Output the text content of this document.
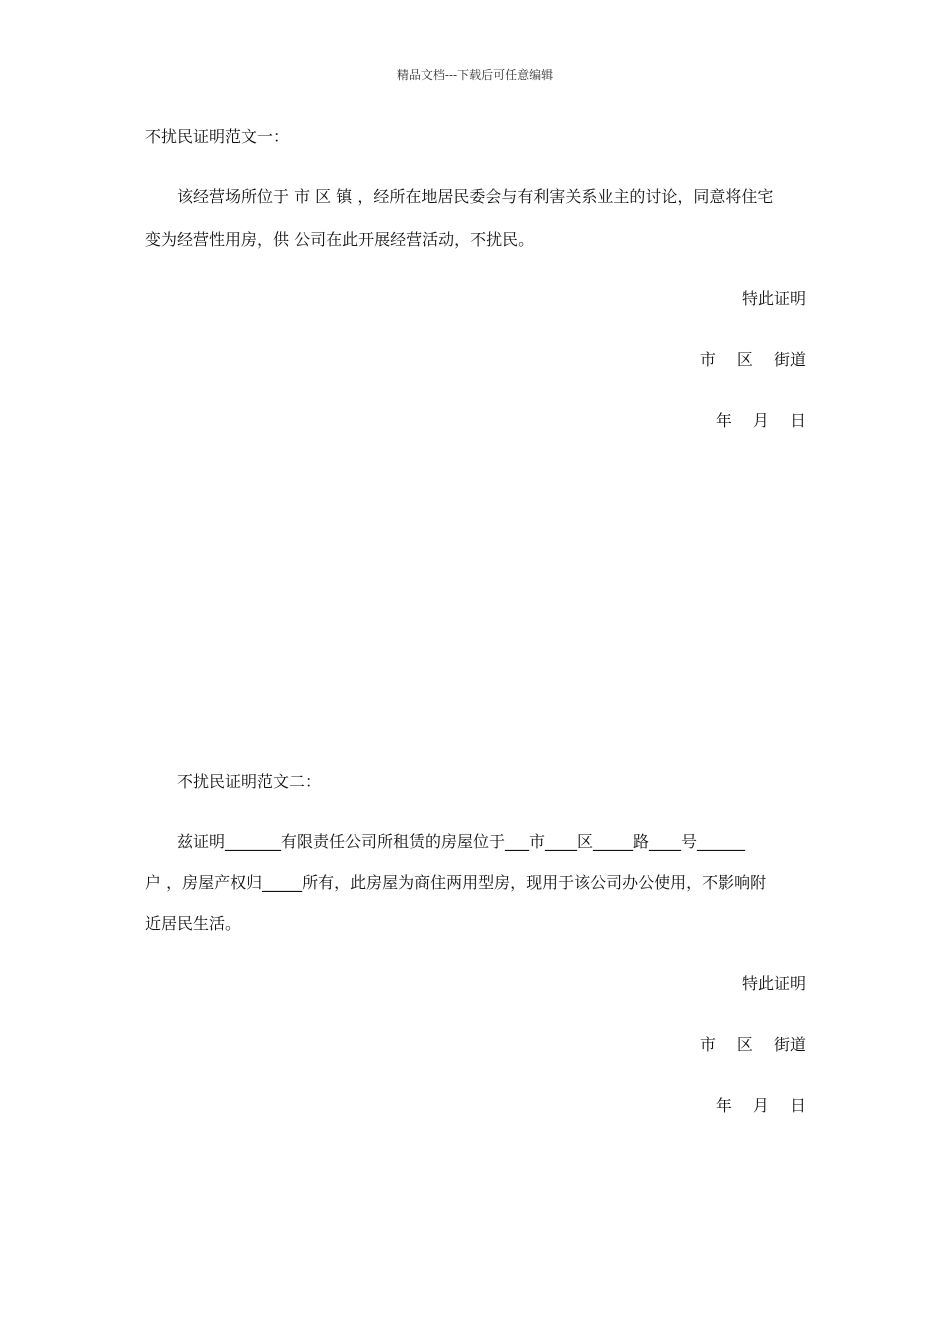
精品文档---下载后可任意编辑
不扰民证明范文一：
　　该经营场所位于 市 区 镇 ，经所在地居民委会与有利害关系业主的讨论，同意将住宅
变为经营性用房，供 公司在此开展经营活动，不扰民。
特此证明
市　 区　 街道
年　 月　 日
　　不扰民证明范文二：
　　兹证明_______有限责任公司所租赁的房屋位于___市____区_____路____号______
户 ，房屋产权归_____所有，此房屋为商住两用型房，现用于该公司办公使用，不影响附
近居民生活。
特此证明
市　 区　 街道
年　 月　 日
